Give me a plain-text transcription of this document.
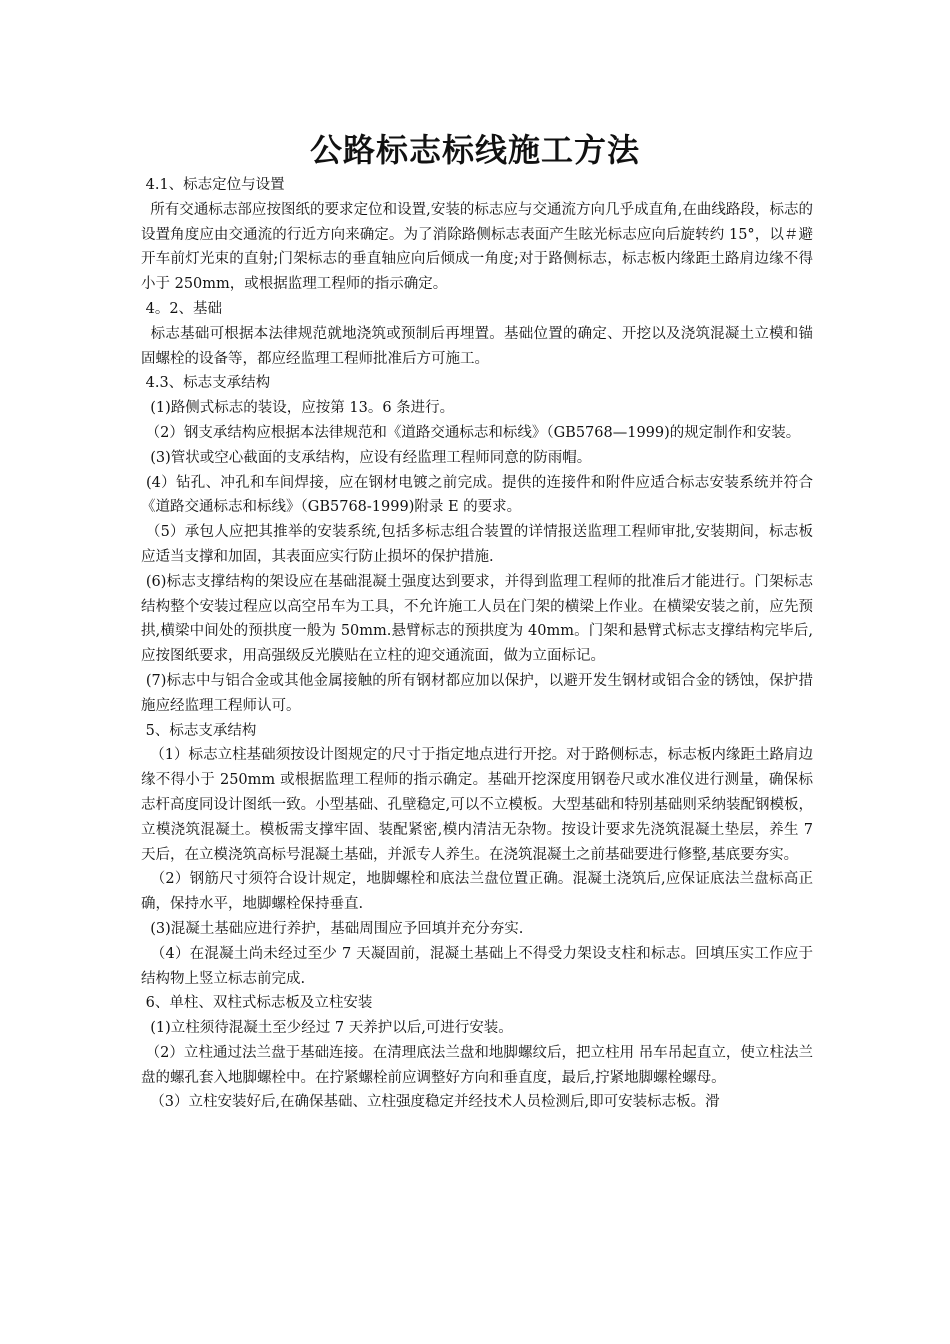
公路标志标线施工方法

4.1、标志定位与设置

所有交通标志部应按图纸的要求定位和设置,安装的标志应与交通流方向几乎成直角,在曲线路段，标志的设置角度应由交通流的行近方向来确定。为了消除路侧标志表面产生眩光标志应向后旋转约 15°，以＃避开车前灯光束的直射;门架标志的垂直轴应向后倾成一角度;对于路侧标志，标志板内缘距土路肩边缘不得小于 250mm，或根据监理工程师的指示确定。

4。2、基础

标志基础可根据本法律规范就地浇筑或预制后再埋置。基础位置的确定、开挖以及浇筑混凝土立模和锚固螺栓的设备等，都应经监理工程师批准后方可施工。

4.3、标志支承结构

(1)路侧式标志的装设，应按第 13。6 条进行。

（2）钢支承结构应根据本法律规范和《道路交通标志和标线》（GB5768—1999)的规定制作和安装。

(3)管状或空心截面的支承结构，应设有经监理工程师同意的防雨帽。

(4）钻孔、冲孔和车间焊接，应在钢材电镀之前完成。提供的连接件和附件应适合标志安装系统并符合《道路交通标志和标线》（GB5768-1999)附录 E 的要求。

（5）承包人应把其推举的安装系统,包括多标志组合装置的详情报送监理工程师审批,安装期间，标志板应适当支撑和加固，其表面应实行防止损坏的保护措施.

(6)标志支撑结构的架设应在基础混凝土强度达到要求，并得到监理工程师的批准后才能进行。门架标志结构整个安装过程应以高空吊车为工具，不允许施工人员在门架的横梁上作业。在横梁安装之前，应先预拱,横梁中间处的预拱度一般为 50mm.悬臂标志的预拱度为 40mm。门架和悬臂式标志支撑结构完毕后,应按图纸要求，用高强级反光膜贴在立柱的迎交通流面，做为立面标记。

(7)标志中与铝合金或其他金属接触的所有钢材都应加以保护，以避开发生钢材或铝合金的锈蚀，保护措施应经监理工程师认可。

5、标志支承结构

（1）标志立柱基础须按设计图规定的尺寸于指定地点进行开挖。对于路侧标志，标志板内缘距土路肩边缘不得小于 250mm 或根据监理工程师的指示确定。基础开挖深度用钢卷尺或水准仪进行测量，确保标志杆高度同设计图纸一致。小型基础、孔壁稳定,可以不立模板。大型基础和特别基础则采纳装配钢模板，立模浇筑混凝土。模板需支撑牢固、装配紧密,模内清洁无杂物。按设计要求先浇筑混凝土垫层，养生 7 天后，在立模浇筑高标号混凝土基础，并派专人养生。在浇筑混凝土之前基础要进行修整,基底要夯实。

（2）钢筋尺寸须符合设计规定，地脚螺栓和底法兰盘位置正确。混凝土浇筑后,应保证底法兰盘标高正确，保持水平，地脚螺栓保持垂直.

(3)混凝土基础应进行养护，基础周围应予回填并充分夯实.

（4）在混凝土尚未经过至少 7 天凝固前，混凝土基础上不得受力架设支柱和标志。回填压实工作应于结构物上竖立标志前完成.

6、单柱、双柱式标志板及立柱安装

(1)立柱须待混凝土至少经过 7 天养护以后,可进行安装。

（2）立柱通过法兰盘于基础连接。在清理底法兰盘和地脚螺纹后，把立柱用 吊车吊起直立，使立柱法兰盘的螺孔套入地脚螺栓中。在拧紧螺栓前应调整好方向和垂直度，最后,拧紧地脚螺栓螺母。

（3）立柱安装好后,在确保基础、立柱强度稳定并经技术人员检测后,即可安装标志板。滑
